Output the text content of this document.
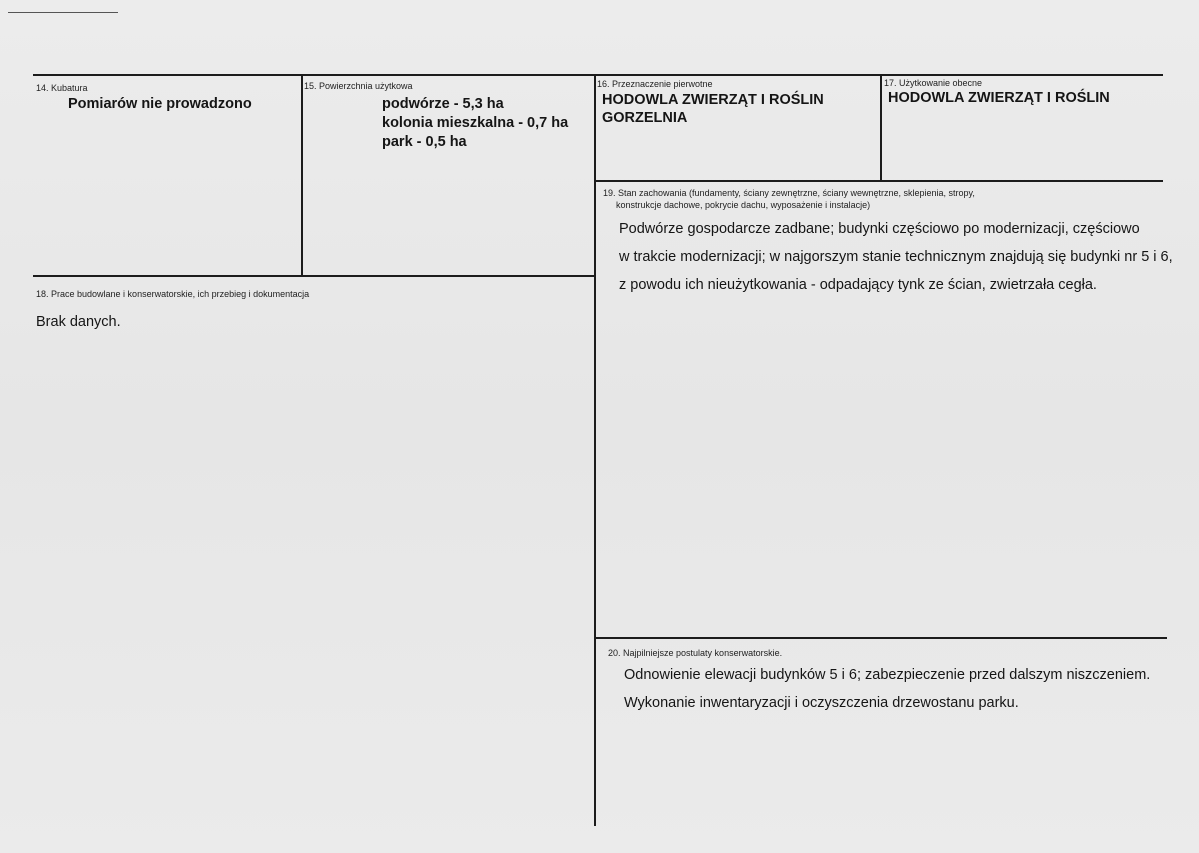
14. Kubatura
Pomiarów nie prowadzono
15. Powierzchnia użytkowa
podwórze - 5,3 ha
kolonia mieszkalna - 0,7 ha
park - 0,5 ha
16. Przeznaczenie pierwotne
HODOWLA ZWIERZĄT I ROŚLIN
GORZELNIA
17. Użytkowanie obecne
HODOWLA ZWIERZĄT I ROŚLIN
19. Stan zachowania (fundamenty, ściany zewnętrzne, ściany wewnętrzne, sklepienia, stropy,
konstrukcje dachowe, pokrycie dachu, wyposażenie i instalacje)
Podwórze gospodarcze zadbane; budynki częściowo po modernizacji, częściowo
w trakcie modernizacji; w najgorszym stanie technicznym znajdują się budynki nr 5 i 6,
z powodu ich nieużytkowania - odpadający tynk ze ścian, zwietrzała cegła.
18. Prace budowlane i konserwatorskie, ich przebieg i dokumentacja
Brak danych.
20. Najpilniejsze postulaty konserwatorskie.
Odnowienie elewacji budynków 5 i 6; zabezpieczenie przed dalszym niszczeniem.
Wykonanie inwentaryzacji i oczyszczenia drzewostanu parku.
